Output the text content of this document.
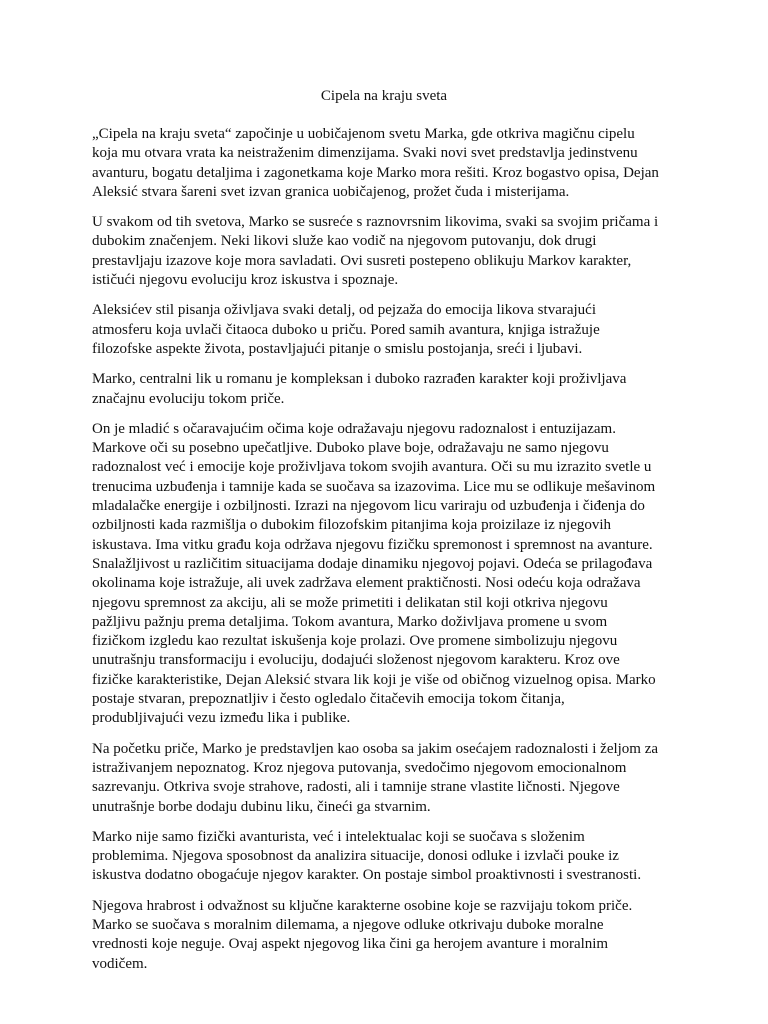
Cipela na kraju sveta

„Cipela na kraju sveta“ započinje u uobičajenom svetu Marka, gde otkriva magičnu cipelu
koja mu otvara vrata ka neistraženim dimenzijama. Svaki novi svet predstavlja jedinstvenu
avanturu, bogatu detaljima i zagonetkama koje Marko mora rešiti. Kroz bogastvo opisa, Dejan
Aleksić stvara šareni svet izvan granica uobičajenog, prožet čuda i misterijama.

U svakom od tih svetova, Marko se susreće s raznovrsnim likovima, svaki sa svojim pričama i
dubokim značenjem. Neki likovi služe kao vodič na njegovom putovanju, dok drugi
prestavljaju izazove koje mora savladati. Ovi susreti postepeno oblikuju Markov karakter,
ističući njegovu evoluciju kroz iskustva i spoznaje.

Aleksićev stil pisanja oživljava svaki detalj, od pejzaža do emocija likova stvarajući
atmosferu koja uvlači čitaoca duboko u priču. Pored samih avantura, knjiga istražuje
filozofske aspekte života, postavljajući pitanje o smislu postojanja, sreći i ljubavi.

Marko, centralni lik u romanu je kompleksan i duboko razrađen karakter koji proživljava
značajnu evoluciju tokom priče.

On je mladić s očaravajućim očima koje odražavaju njegovu radoznalost i entuzijazam.
Markove oči su posebno upečatljive. Duboko plave boje, odražavaju ne samo njegovu
radoznalost već i emocije koje proživljava tokom svojih avantura. Oči su mu izrazito svetle u
trenucima uzbuđenja i tamnije kada se suočava sa izazovima. Lice mu se odlikuje mešavinom
mladalačke energije i ozbiljnosti. Izrazi na njegovom licu variraju od uzbuđenja i čiđenja do
ozbiljnosti kada razmišlja o dubokim filozofskim pitanjima koja proizilaze iz njegovih
iskustava. Ima vitku građu koja održava njegovu fizičku spremonost i spremnost na avanture.
Snalažljivost u različitim situacijama dodaje dinamiku njegovoj pojavi. Odeća se prilagođava
okolinama koje istražuje, ali uvek zadržava element praktičnosti. Nosi odeću koja odražava
njegovu spremnost za akciju, ali se može primetiti i delikatan stil koji otkriva njegovu
pažljivu pažnju prema detaljima. Tokom avantura, Marko doživljava promene u svom
fizičkom izgledu kao rezultat iskušenja koje prolazi. Ove promene simbolizuju njegovu
unutrašnju transformaciju i evoluciju, dodajući složenost njegovom karakteru. Kroz ove
fizičke karakteristike, Dejan Aleksić stvara lik koji je više od običnog vizuelnog opisa. Marko
postaje stvaran, prepoznatljiv i često ogledalo čitačevih emocija tokom čitanja,
produbljivajući vezu između lika i publike.

Na početku priče, Marko je predstavljen kao osoba sa jakim osećajem radoznalosti i željom za
istraživanjem nepoznatog. Kroz njegova putovanja, svedočimo njegovom emocionalnom
sazrevanju. Otkriva svoje strahove, radosti, ali i tamnije strane vlastite ličnosti. Njegove
unutrašnje borbe dodaju dubinu liku, čineći ga stvarnim.

Marko nije samo fizički avanturista, već i intelektualac koji se suočava s složenim
problemima. Njegova sposobnost da analizira situacije, donosi odluke i izvlači pouke iz
iskustva dodatno obogaćuje njegov karakter. On postaje simbol proaktivnosti i svestranosti.

Njegova hrabrost i odvažnost su ključne karakterne osobine koje se razvijaju tokom priče.
Marko se suočava s moralnim dilemama, a njegove odluke otkrivaju duboke moralne
vrednosti koje neguje. Ovaj aspekt njegovog lika čini ga herojem avanture i moralnim
vodičem.
